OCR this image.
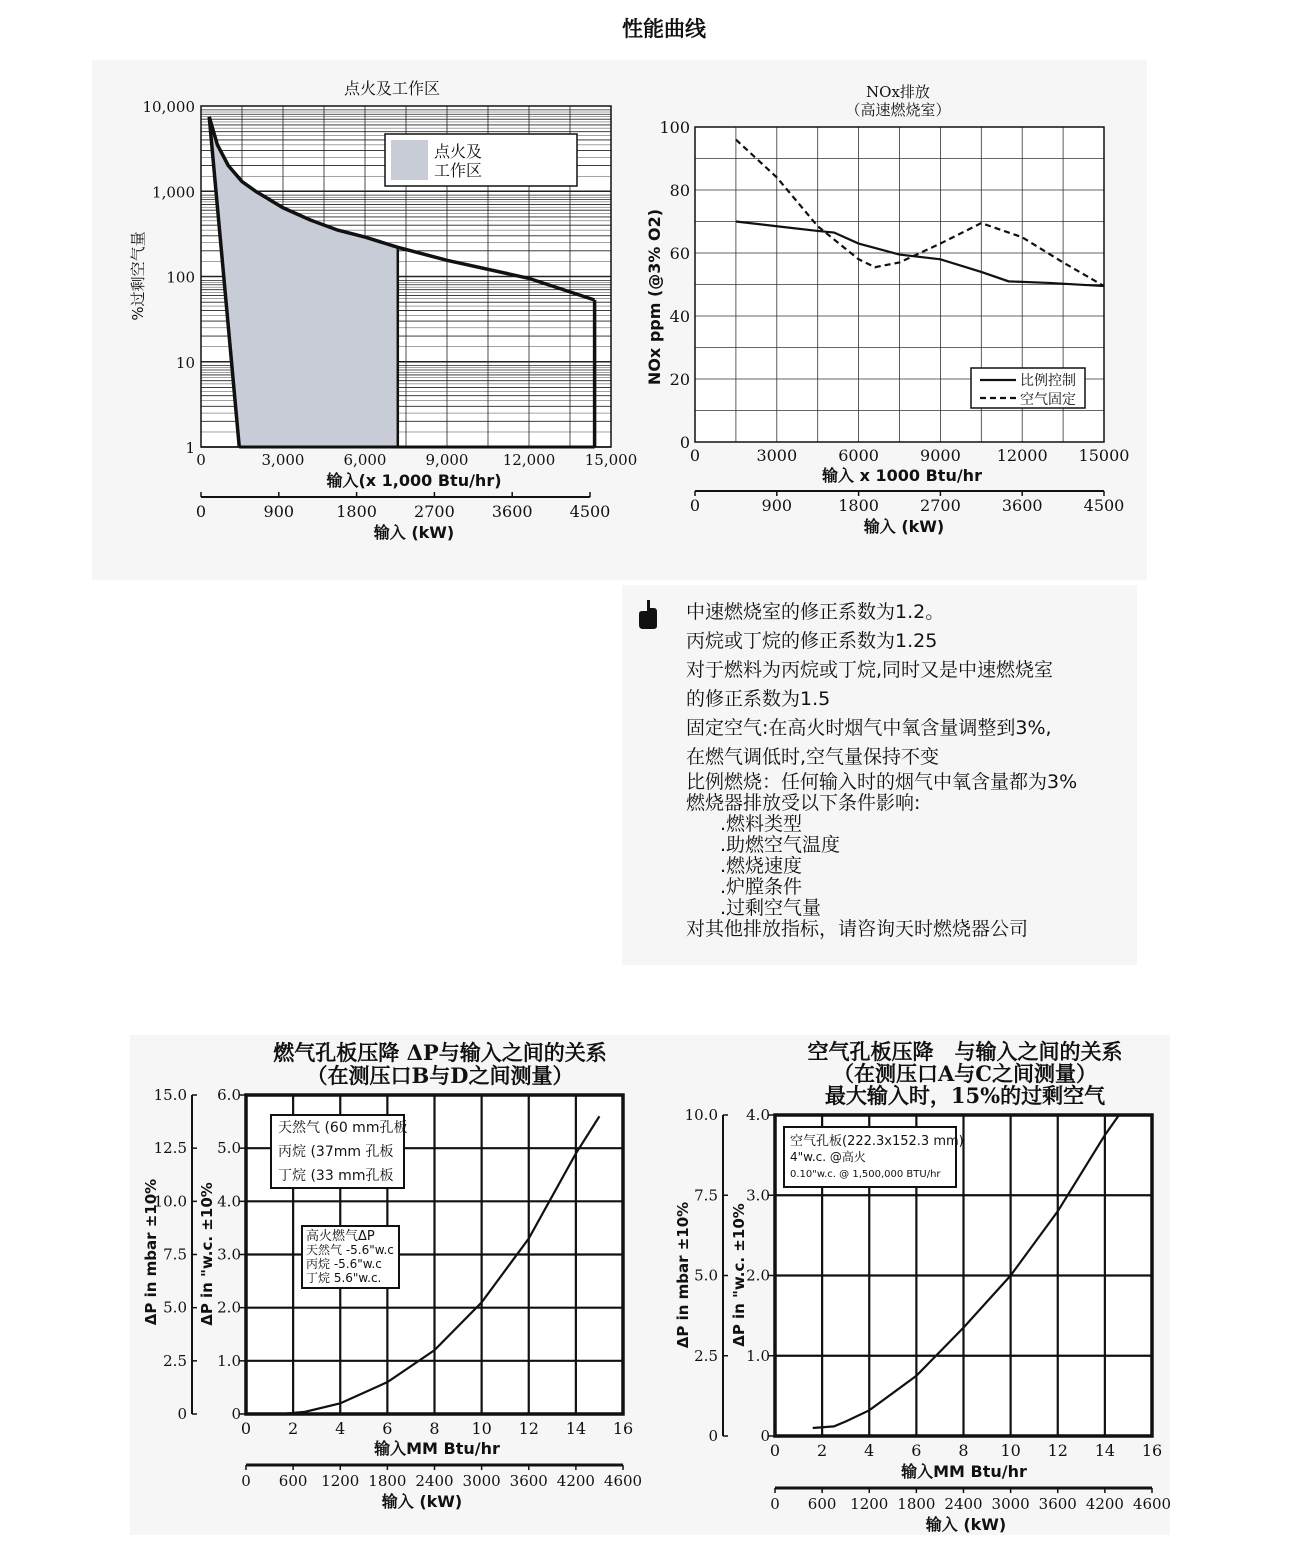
性能曲线
点火及
工作区
点火及工作区
1
10
100
1,000
10,000
0	3,000	6,000	9,000 12,000 15,000
%过剩空气量
输入(x 1,000 Btu/hr)
0	900	1800 2700 3600 4500
输入 (kW)
比例控制
空气固定
NOx排放
（高速燃烧室）
0
20
40
60
80
100
0	3000	6000	9000 12000 15000
NOx ppm (@3% O2)
输入 x 1000 Btu/hr
0	900	1800	2700	3600	4500
输入 (kW)
天然气 (60 mm孔板
丙烷 (37mm 孔板
丁烷 (33 mm孔板
高火燃气ΔP
天然气 -5.6"w.c
丙烷 -5.6"w.c
丁烷 5.6"w.c.
燃气孔板压降 ΔP与输入之间的关系
（在测压口B与D之间测量）
0
1.0
2.0
3.0
4.0
5.0
6.0
0
2.5
5.0
7.5
10.0
12.5
15.0
ΔP in "w.c. ±10%
ΔP in mbar ±10%
0 2 4 6 8 10 12 14 16
输入MM Btu/hr
0 600 1200 1800 2400 3000 3600 4200 4600
输入 (kW)
空气孔板(222.3x152.3 mm)
4"w.c. @高火
0.10"w.c. @ 1,500,000 BTU/hr
空气孔板压降　与输入之间的关系
（在测压口A与C之间测量）
最大输入时，15%的过剩空气
0
1.0
2.0
3.0
4.0
0
2.5
5.0
7.5
10.0
ΔP in "w.c. ±10%
ΔP in mbar ±10%
0 2 4 6 8 10 12 14 16
输入MM Btu/hr
0 600 1200 1800 2400 3000 3600 4200 4600
输入 (kW)
中速燃烧室的修正系数为1.2。
丙烷或丁烷的修正系数为1.25
对于燃料为丙烷或丁烷,同时又是中速燃烧室
的修正系数为1.5
固定空气:在高火时烟气中氧含量调整到3%,
在燃气调低时,空气量保持不变
比例燃烧：任何输入时的烟气中氧含量都为3%
燃烧器排放受以下条件影响:
.燃料类型
.助燃空气温度
.燃烧速度
.炉膛条件
.过剩空气量
对其他排放指标，请咨询天时燃烧器公司
